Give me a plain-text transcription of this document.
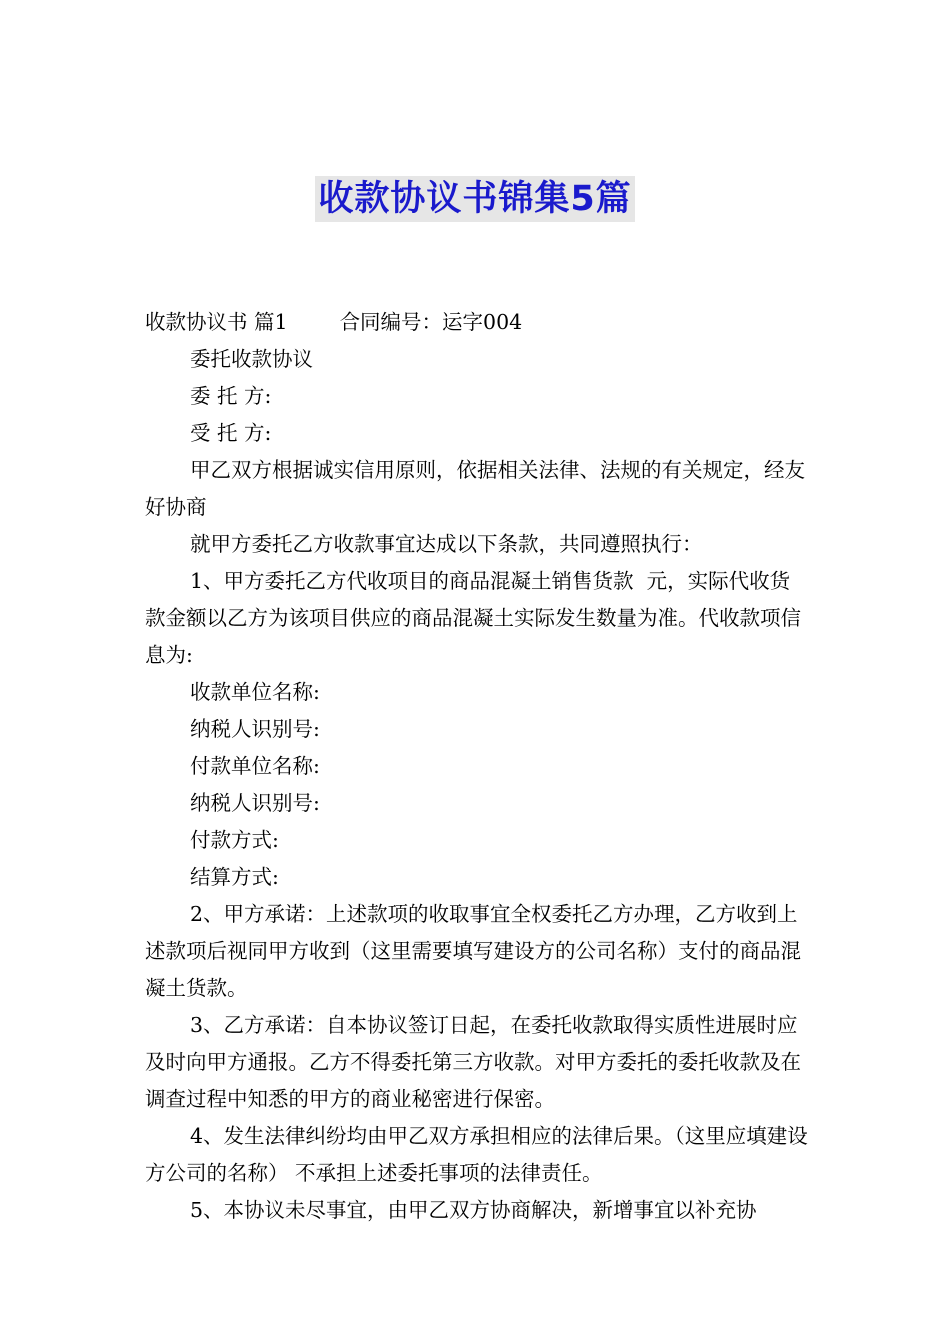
收款协议书锦集5篇

收款协议书 篇1	合同编号：运字004

委托收款协议

委 托 方:

受 托 方:

甲乙双方根据诚实信用原则，依据相关法律、法规的有关规定，经友好协商

就甲方委托乙方收款事宜达成以下条款，共同遵照执行：

1、甲方委托乙方代收项目的商品混凝土销售货款  元，实际代收货款金额以乙方为该项目供应的商品混凝土实际发生数量为准。代收款项信息为:

收款单位名称:

纳税人识别号:

付款单位名称:

纳税人识别号:

付款方式:

结算方式:

2、甲方承诺：上述款项的收取事宜全权委托乙方办理，乙方收到上述款项后视同甲方收到（这里需要填写建设方的公司名称）支付的商品混凝土货款。

3、乙方承诺：自本协议签订日起，在委托收款取得实质性进展时应及时向甲方通报。乙方不得委托第三方收款。对甲方委托的委托收款及在调查过程中知悉的甲方的商业秘密进行保密。

4、发生法律纠纷均由甲乙双方承担相应的法律后果。（这里应填建设方公司的名称） 不承担上述委托事项的法律责任。

5、本协议未尽事宜，由甲乙双方协商解决，新增事宜以补充协
